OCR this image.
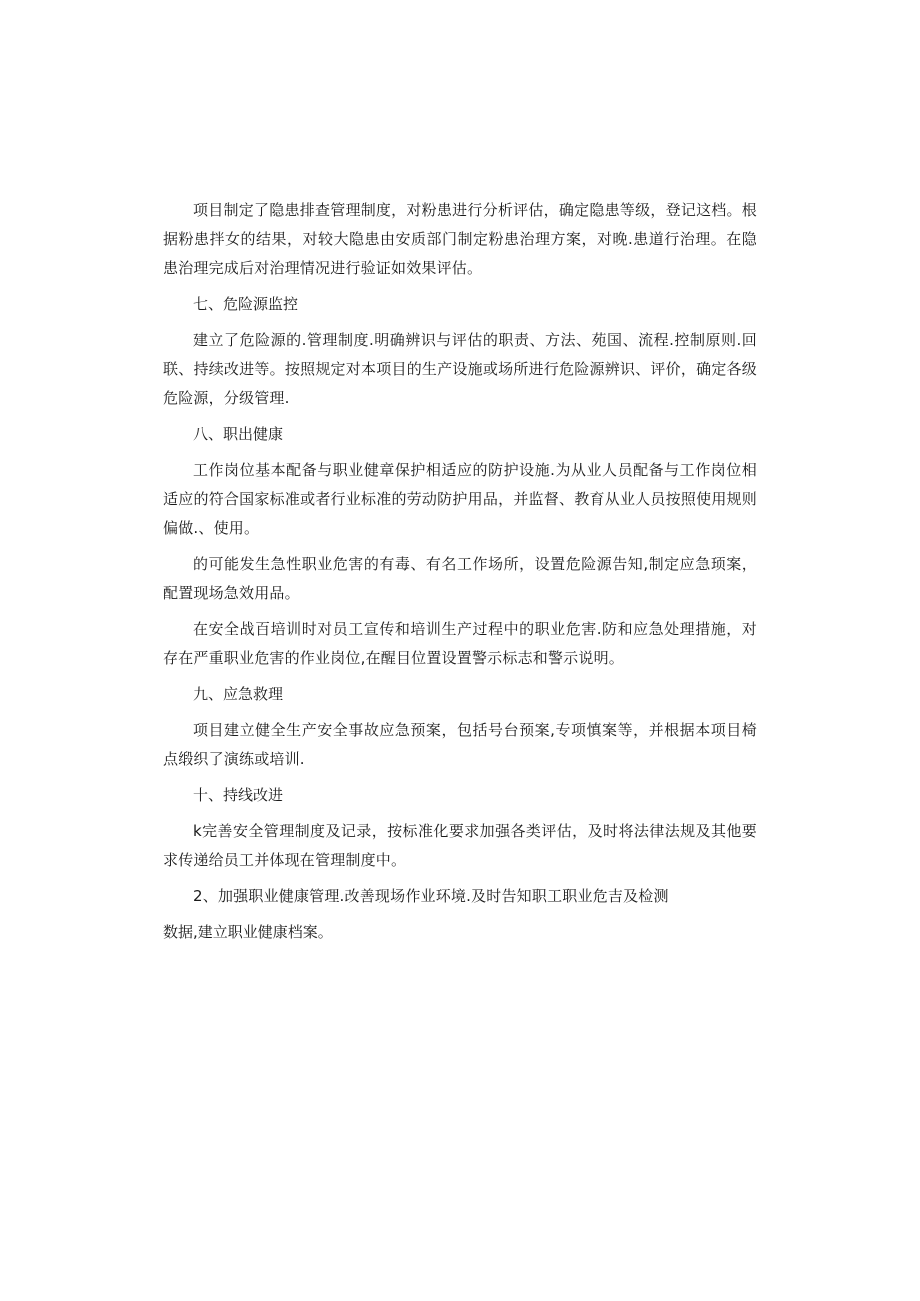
项目制定了隐患排查管理制度，对粉患进行分析评估，确定隐患等级，登记这档。根据粉患拌女的结果，对较大隐患由安质部门制定粉患治理方案，对晚.患道行治理。在隐患治理完成后对治理情况进行验证如效果评估。

七、危险源监控

建立了危险源的.管理制度.明确辨识与评估的职责、方法、苑国、流程.控制原则.回联、持续改进等。按照规定对本项目的生产设施或场所进行危险源辨识、评价，确定各级危险源，分级管理.

八、职出健康

工作岗位基本配备与职业健章保护相适应的防护设施.为从业人员配备与工作岗位相适应的符合国家标准或者行业标准的劳动防护用品，并监督、教育从业人员按照使用规则偏做.、使用。

的可能发生急性职业危害的有毒、有名工作场所，设置危险源告知,制定应急顼案，配置现场急效用品。

在安全战百培训时对员工宣传和培训生产过程中的职业危害.防和应急处理措施，对存在严重职业危害的作业岗位,在醒目位置设置警示标志和警示说明。

九、应急救理

项目建立健全生产安全事故应急预案，包括号台预案,专项慎案等，并根据本项目椅点缎织了演练或培训.

十、持线改进

k完善安全管理制度及记录，按标准化要求加强各类评估，及时将法律法规及其他要求传递给员工并体现在管理制度中。

2、加强职业健康管理.改善现场作业环境.及时告知职工职业危吉及检测

数据,建立职业健康档案。
